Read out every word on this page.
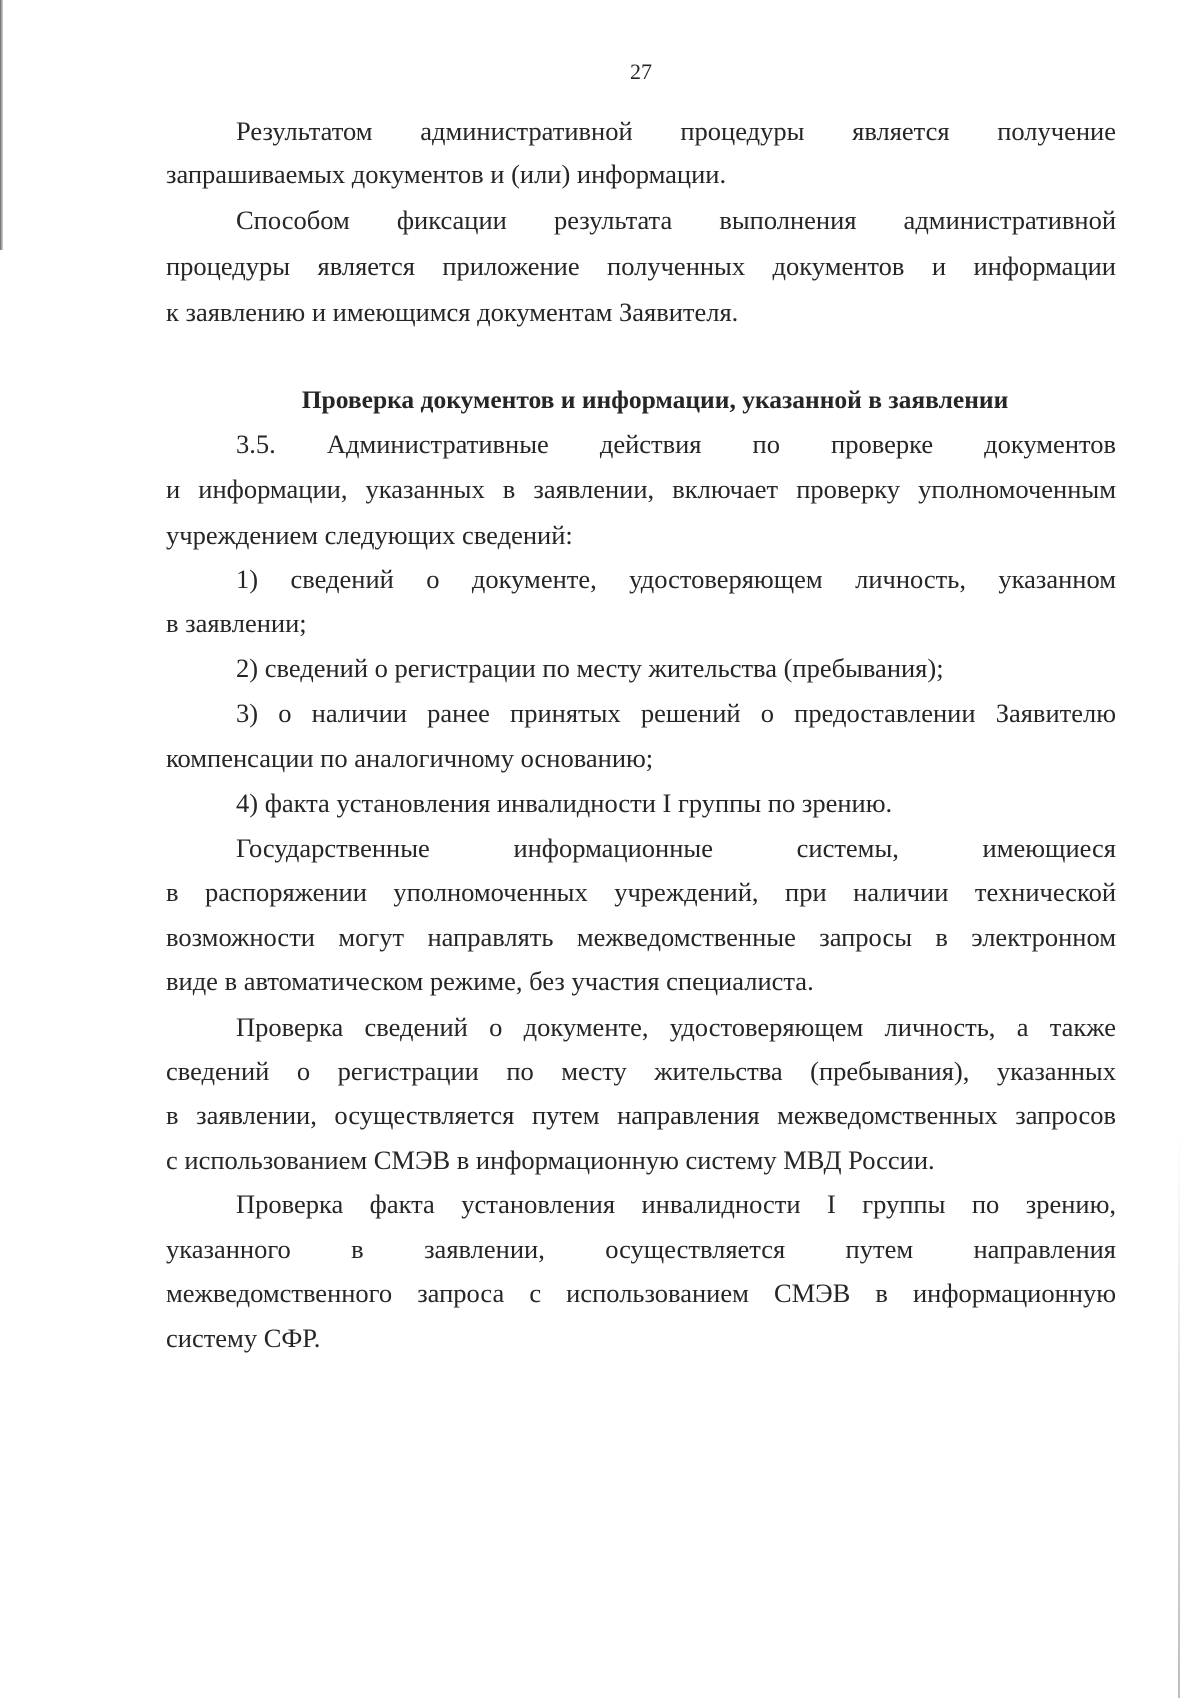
27

Результатом административной процедуры является получение

запрашиваемых документов и (или) информации.

Способом фиксации результата выполнения административной

процедуры является приложение полученных документов и информации

к заявлению и имеющимся документам Заявителя.

Проверка документов и информации, указанной в заявлении

3.5. Административные действия по проверке документов

и информации, указанных в заявлении, включает проверку уполномоченным

учреждением следующих сведений:

1) сведений о документе, удостоверяющем личность, указанном

в заявлении;

2) сведений о регистрации по месту жительства (пребывания);

3) о наличии ранее принятых решений о предоставлении Заявителю

компенсации по аналогичному основанию;

4) факта установления инвалидности I группы по зрению.

Государственные информационные системы, имеющиеся

в распоряжении уполномоченных учреждений, при наличии технической

возможности могут направлять межведомственные запросы в электронном

виде в автоматическом режиме, без участия специалиста.

Проверка сведений о документе, удостоверяющем личность, а также

сведений о регистрации по месту жительства (пребывания), указанных

в заявлении, осуществляется путем направления межведомственных запросов

с использованием СМЭВ в информационную систему МВД России.

Проверка факта установления инвалидности I группы по зрению,

указанного в заявлении, осуществляется путем направления

межведомственного запроса с использованием СМЭВ в информационную

систему СФР.
